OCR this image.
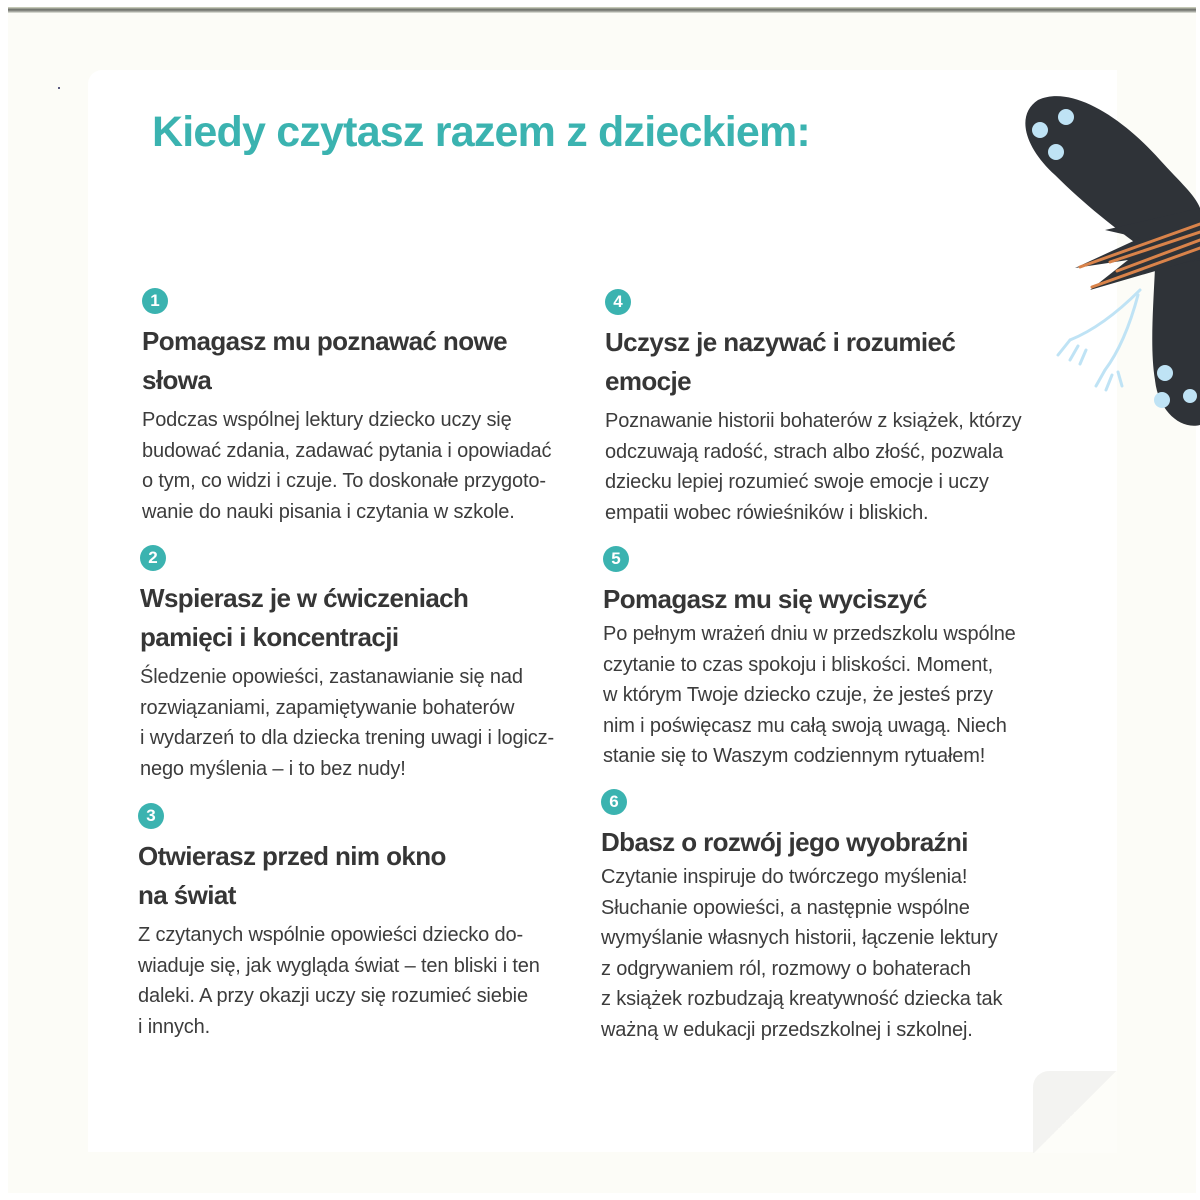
Kiedy czytasz razem z dzieckiem:
1
Pomagasz mu poznawać nowe
słowa

Podczas wspólnej lektury dziecko uczy się
budować zdania, zadawać pytania i opowiadać
o tym, co widzi i czuje. To doskonałe przygoto-
wanie do nauki pisania i czytania w szkole.

2
Wspierasz je w ćwiczeniach
pamięci i koncentracji

Śledzenie opowieści, zastanawianie się nad
rozwiązaniami, zapamiętywanie bohaterów
i wydarzeń to dla dziecka trening uwagi i logicz-
nego myślenia – i to bez nudy!

3
Otwierasz przed nim okno
na świat

Z czytanych wspólnie opowieści dziecko do-
wiaduje się, jak wygląda świat – ten bliski i ten
daleki. A przy okazji uczy się rozumieć siebie
i innych.

4
Uczysz je nazywać i rozumieć
emocje

Poznawanie historii bohaterów z książek, którzy
odczuwają radość, strach albo złość, pozwala
dziecku lepiej rozumieć swoje emocje i uczy
empatii wobec rówieśników i bliskich.

5
Pomagasz mu się wyciszyć

Po pełnym wrażeń dniu w przedszkolu wspólne
czytanie to czas spokoju i bliskości. Moment,
w którym Twoje dziecko czuje, że jesteś przy
nim i poświęcasz mu całą swoją uwagą. Niech
stanie się to Waszym codziennym rytuałem!

6
Dbasz o rozwój jego wyobraźni

Czytanie inspiruje do twórczego myślenia!
Słuchanie opowieści, a następnie wspólne
wymyślanie własnych historii, łączenie lektury
z odgrywaniem ról, rozmowy o bohaterach
z książek rozbudzają kreatywność dziecka tak
ważną w edukacji przedszkolnej i szkolnej.
